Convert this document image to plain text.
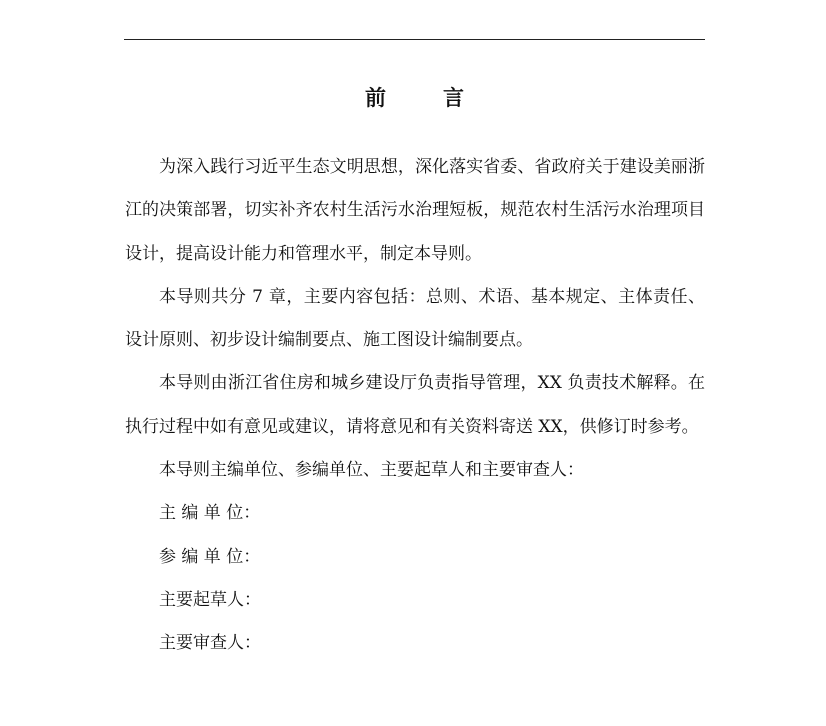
前　言

为深入践行习近平生态文明思想，深化落实省委、省政府关于建设美丽浙江的决策部署，切实补齐农村生活污水治理短板，规范农村生活污水治理项目设计，提高设计能力和管理水平，制定本导则。

本导则共分 7 章，主要内容包括：总则、术语、基本规定、主体责任、设计原则、初步设计编制要点、施工图设计编制要点。

本导则由浙江省住房和城乡建设厅负责指导管理，XX 负责技术解释。在执行过程中如有意见或建议，请将意见和有关资料寄送 XX，供修订时参考。

本导则主编单位、参编单位、主要起草人和主要审查人：

主 编 单 位：

参 编 单 位：

主要起草人：

主要审查人：
